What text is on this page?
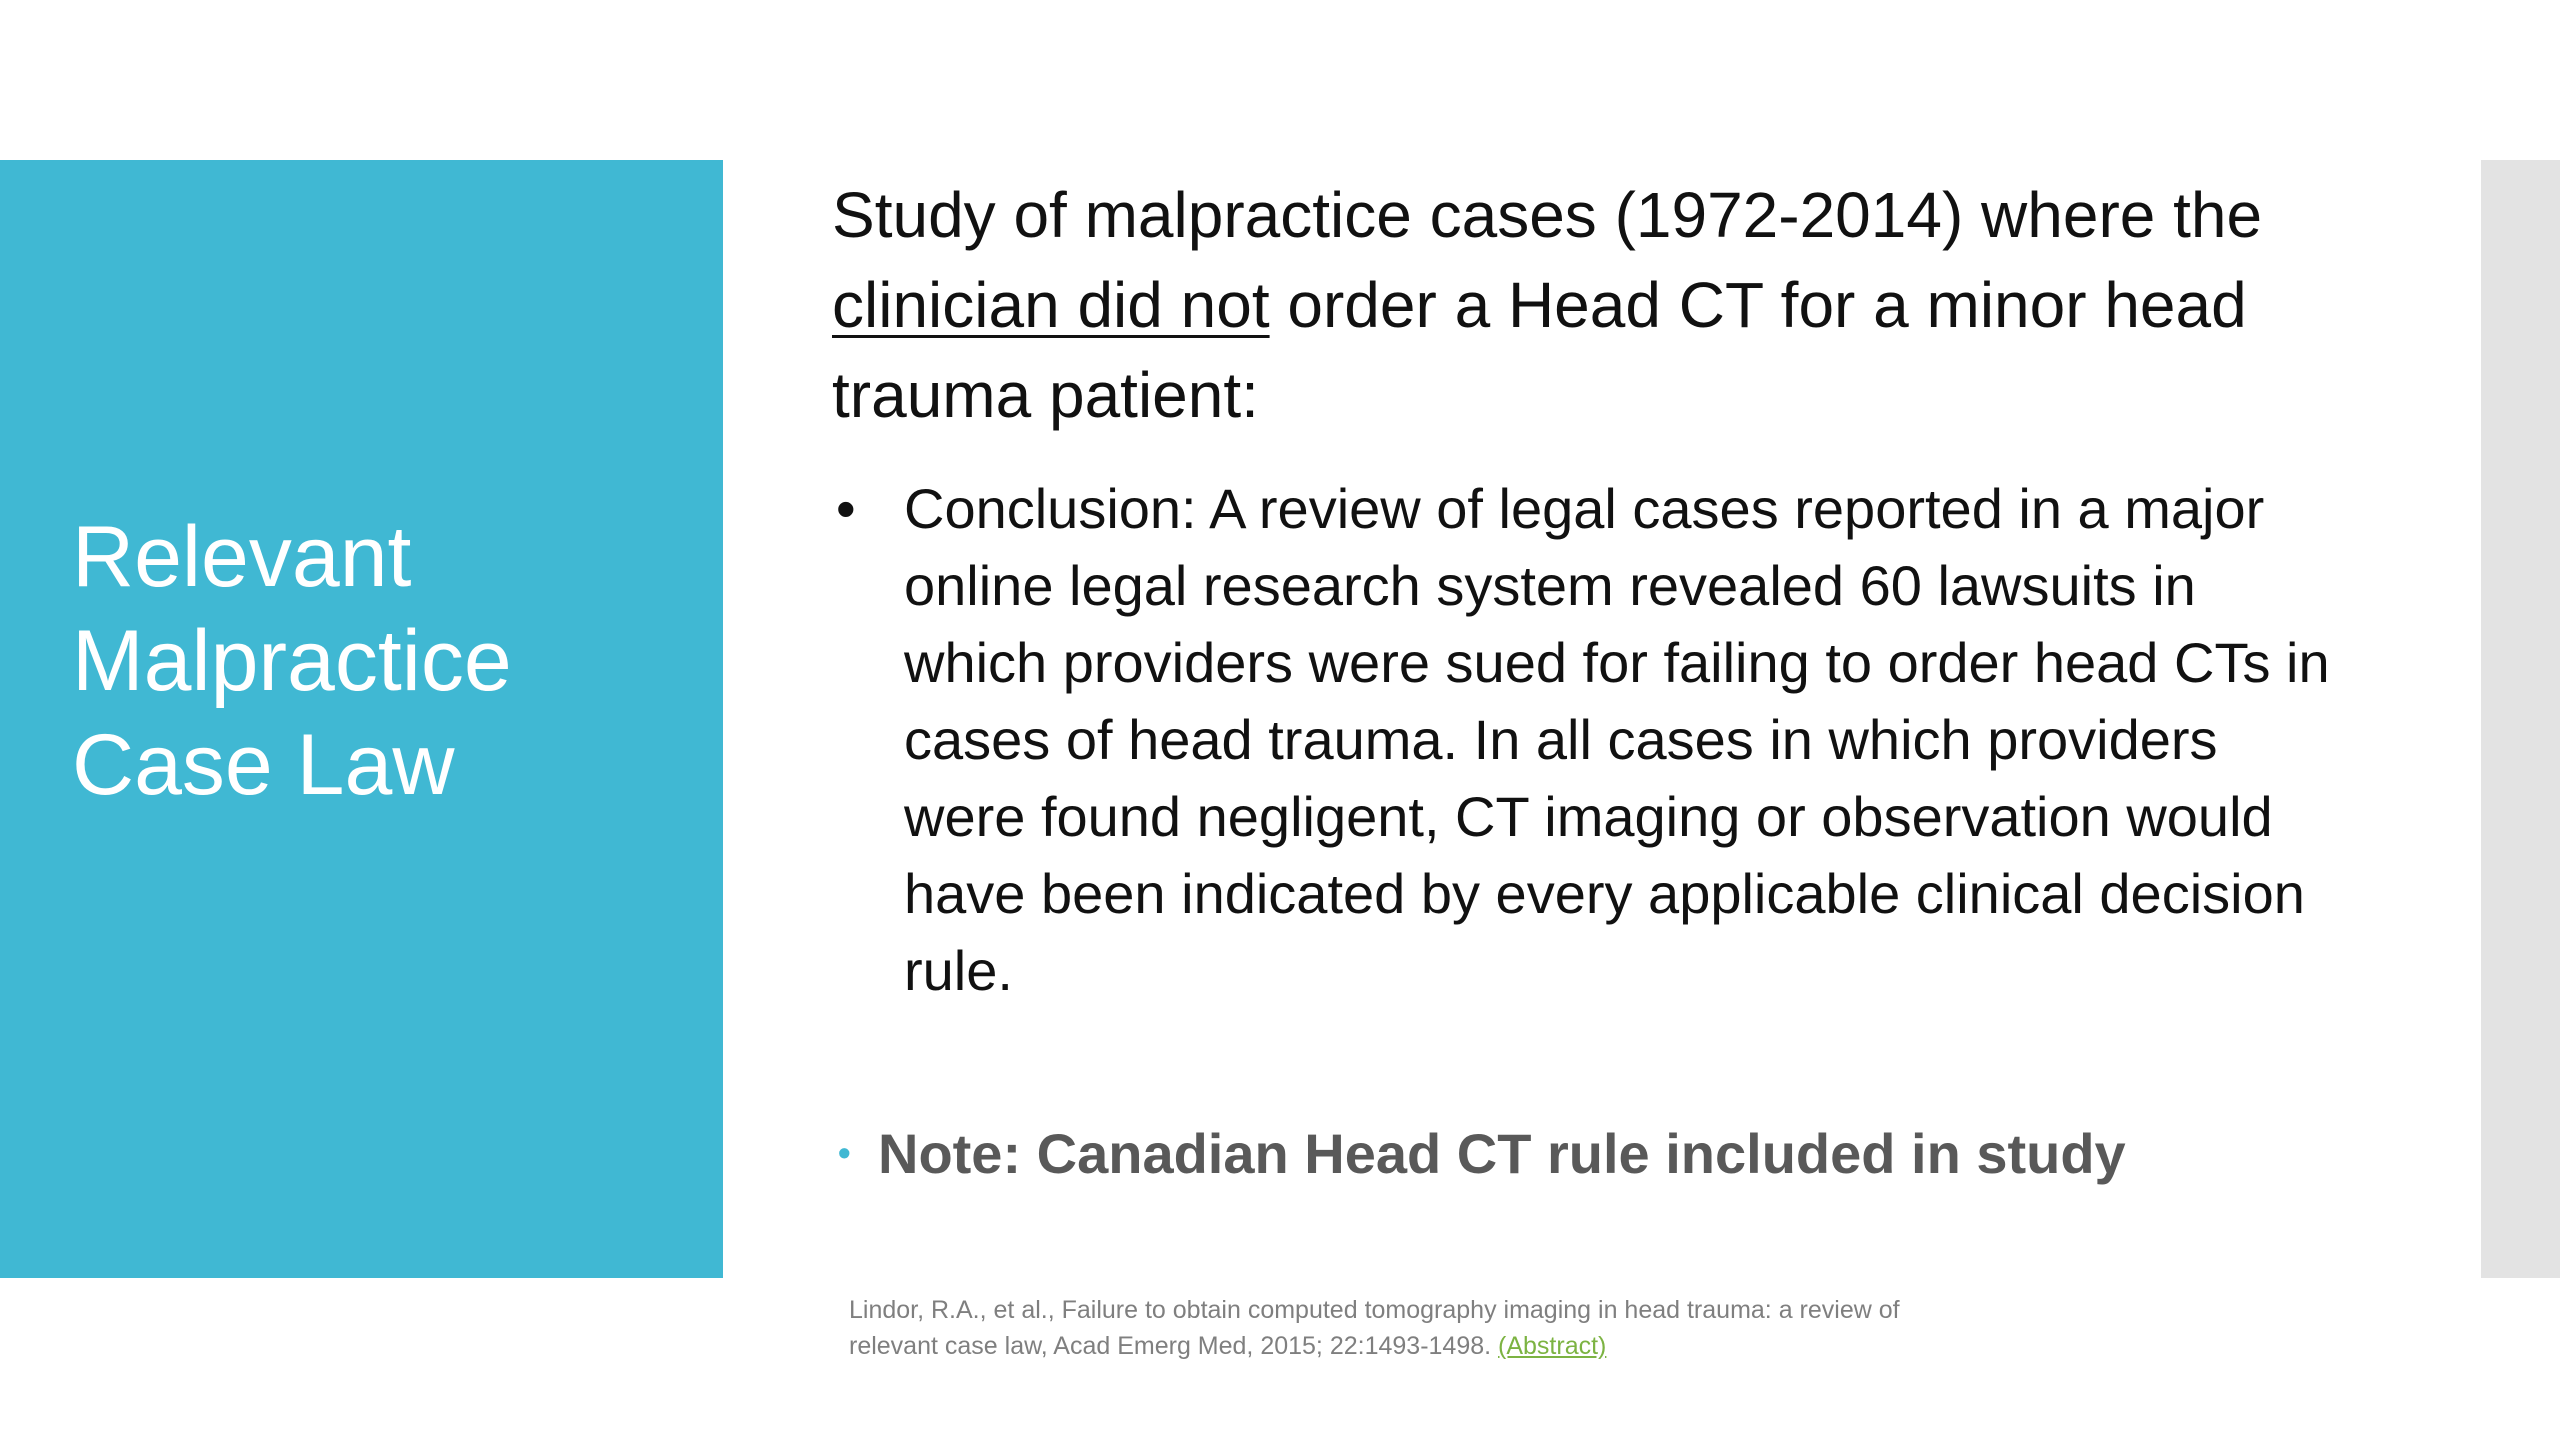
Relevant
Malpractice
Case Law

Study of malpractice cases (1972-2014) where the clinician did not order a Head CT for a minor head trauma patient:

• Conclusion: A review of legal cases reported in a major online legal research system revealed 60 lawsuits in which providers were sued for failing to order head CTs in cases of head trauma. In all cases in which providers were found negligent, CT imaging or observation would have been indicated by every applicable clinical decision rule.
• Note: Canadian Head CT rule included in study
Lindor, R.A., et al., Failure to obtain computed tomography imaging in head trauma: a review of
relevant case law, Acad Emerg Med, 2015; 22:1493-1498. (Abstract)
